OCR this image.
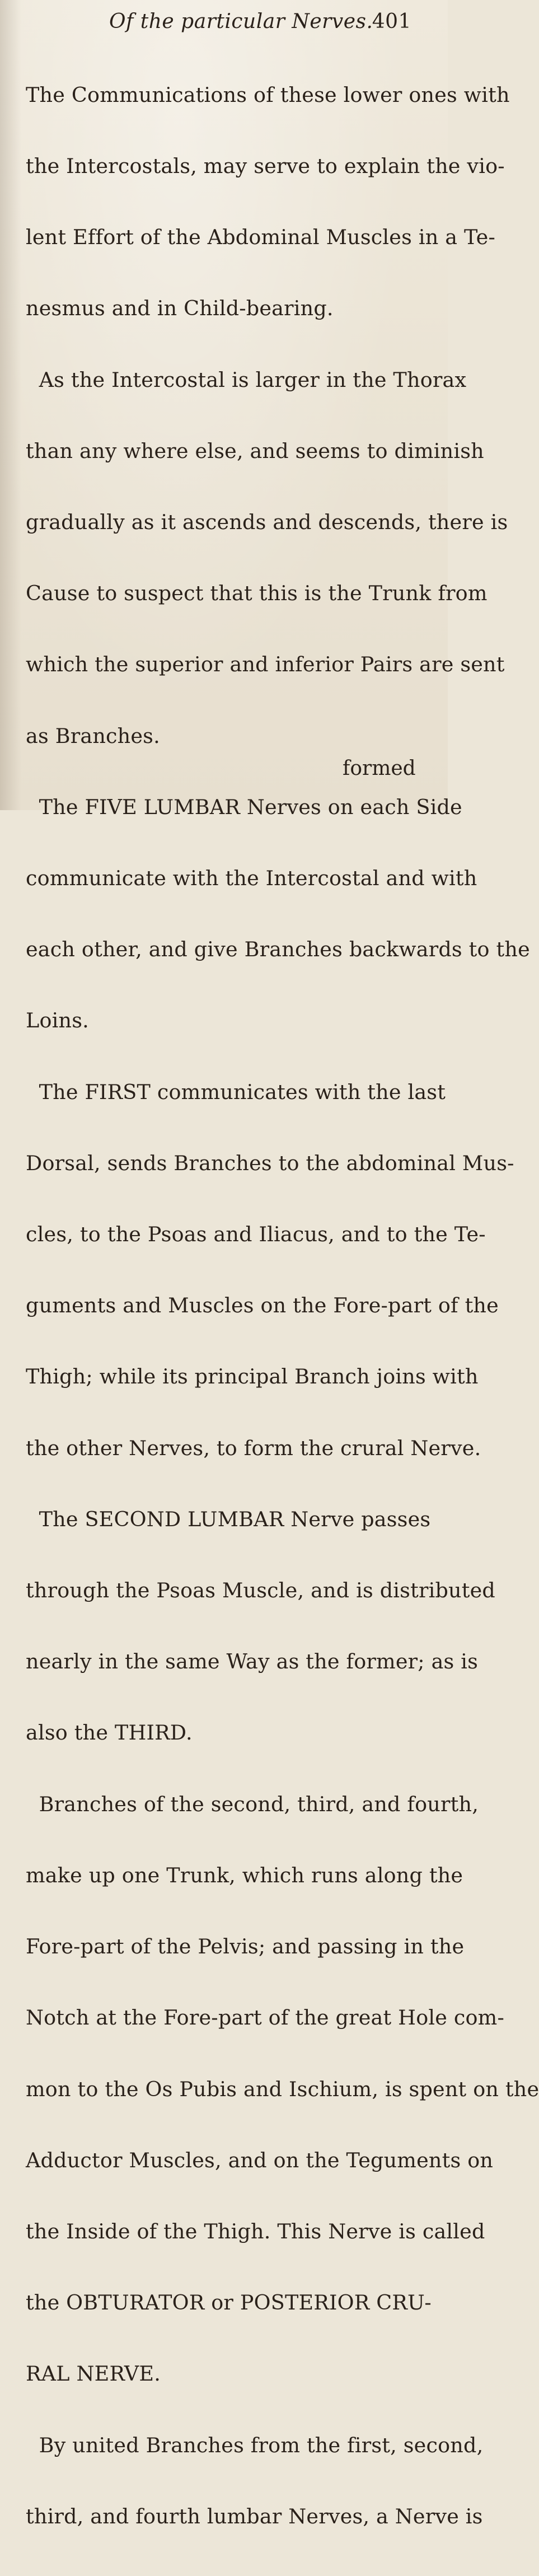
Of the particular Nerves.
401

The Communications of these lower ones with

the Intercostals, may serve to explain the vio-

lent Effort of the Abdominal Muscles in a Te-

nesmus and in Child-bearing.

As the Intercostal is larger in the Thorax

than any where else, and seems to diminish

gradually as it ascends and descends, there is

Cause to suspect that this is the Trunk from

which the superior and inferior Pairs are sent

as Branches.

The FIVE LUMBAR Nerves on each Side

communicate with the Intercostal and with

each other, and give Branches backwards to the

Loins.

The FIRST communicates with the last

Dorsal, sends Branches to the abdominal Mus-

cles, to the Psoas and Iliacus, and to the Te-

guments and Muscles on the Fore-part of the

Thigh; while its principal Branch joins with

the other Nerves, to form the crural Nerve.

The SECOND LUMBAR Nerve passes

through the Psoas Muscle, and is distributed

nearly in the same Way as the former; as is

also the THIRD.

Branches of the second, third, and fourth,

make up one Trunk, which runs along the

Fore-part of the Pelvis; and passing in the

Notch at the Fore-part of the great Hole com-

mon to the Os Pubis and Ischium, is spent on the

Adductor Muscles, and on the Teguments on

the Inside of the Thigh. This Nerve is called

the OBTURATOR or POSTERIOR CRU-

RAL NERVE.

By united Branches from the first, second,

third, and fourth lumbar Nerves, a Nerve is

formed
